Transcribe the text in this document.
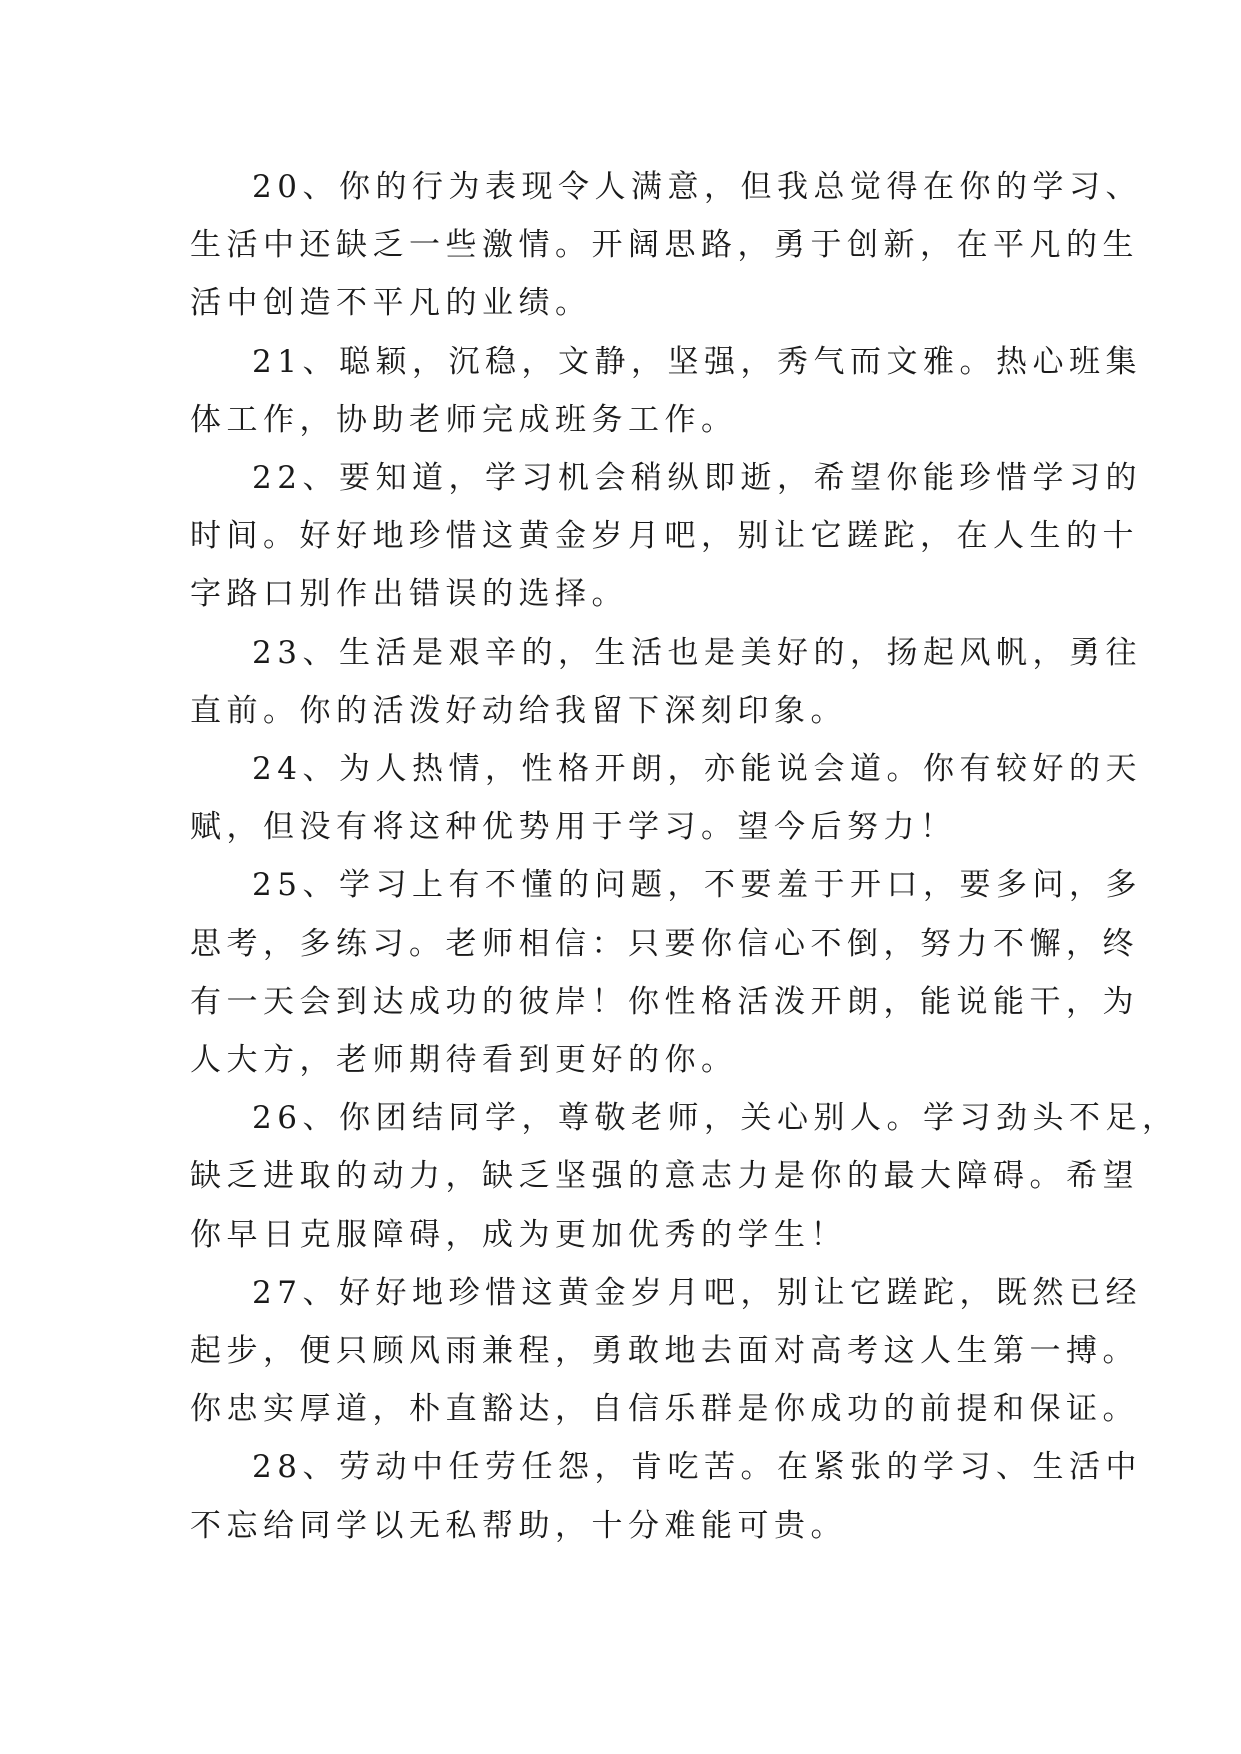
20、你的行为表现令人满意，但我总觉得在你的学习、
生活中还缺乏一些激情。开阔思路，勇于创新，在平凡的生
活中创造不平凡的业绩。

21、聪颖，沉稳，文静，坚强，秀气而文雅。热心班集
体工作，协助老师完成班务工作。

22、要知道，学习机会稍纵即逝，希望你能珍惜学习的
时间。好好地珍惜这黄金岁月吧，别让它蹉跎，在人生的十
字路口别作出错误的选择。

23、生活是艰辛的，生活也是美好的，扬起风帆，勇往
直前。你的活泼好动给我留下深刻印象。

24、为人热情，性格开朗，亦能说会道。你有较好的天
赋，但没有将这种优势用于学习。望今后努力！

25、学习上有不懂的问题，不要羞于开口，要多问，多
思考，多练习。老师相信：只要你信心不倒，努力不懈，终
有一天会到达成功的彼岸！你性格活泼开朗，能说能干，为
人大方，老师期待看到更好的你。

26、你团结同学，尊敬老师，关心别人。学习劲头不足，
缺乏进取的动力，缺乏坚强的意志力是你的最大障碍。希望
你早日克服障碍，成为更加优秀的学生！

27、好好地珍惜这黄金岁月吧，别让它蹉跎，既然已经
起步，便只顾风雨兼程，勇敢地去面对高考这人生第一搏。
你忠实厚道，朴直豁达，自信乐群是你成功的前提和保证。

28、劳动中任劳任怨，肯吃苦。在紧张的学习、生活中
不忘给同学以无私帮助，十分难能可贵。
